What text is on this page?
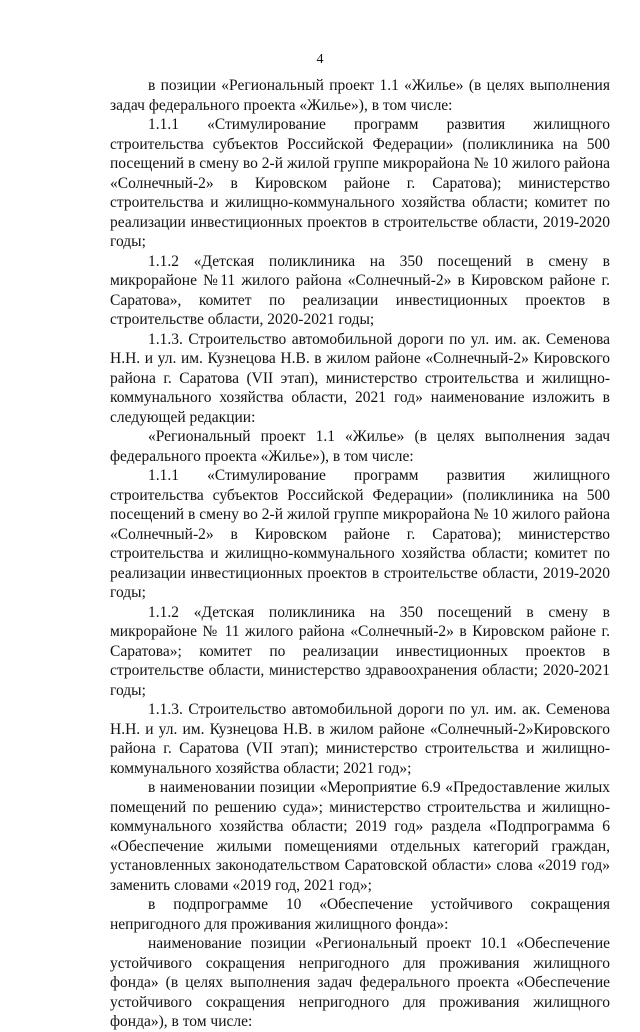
4

в позиции «Региональный проект 1.1 «Жилье» (в целях выполнения задач федерального проекта «Жилье»), в том числе:

1.1.1 «Стимулирование программ развития жилищного строительства субъектов Российской Федерации» (поликлиника на 500 посещений в смену во 2-й жилой группе микрорайона № 10 жилого района «Солнечный-2» в Кировском районе г. Саратова); министерство строительства и жилищно-коммунального хозяйства области; комитет по реализации инвестиционных проектов в строительстве области, 2019-2020 годы;

1.1.2 «Детская поликлиника на 350 посещений в смену в микрорайоне №11 жилого района «Солнечный-2» в Кировском районе г. Саратова», комитет по реализации инвестиционных проектов в строительстве области, 2020-2021 годы;

1.1.3. Строительство автомобильной дороги по ул. им. ак. Семенова Н.Н. и ул. им. Кузнецова Н.В. в жилом районе «Солнечный-2» Кировского района г. Саратова (VII этап), министерство строительства и жилищно-коммунального хозяйства области, 2021 год» наименование изложить в следующей редакции:

«Региональный проект 1.1 «Жилье» (в целях выполнения задач федерального проекта «Жилье»), в том числе:

1.1.1 «Стимулирование программ развития жилищного строительства субъектов Российской Федерации» (поликлиника на 500 посещений в смену во 2-й жилой группе микрорайона № 10 жилого района «Солнечный-2» в Кировском районе г. Саратова); министерство строительства и жилищно-коммунального хозяйства области; комитет по реализации инвестиционных проектов в строительстве области, 2019-2020 годы;

1.1.2 «Детская поликлиника на 350 посещений в смену в микрорайоне № 11 жилого района «Солнечный-2» в Кировском районе г. Саратова»; комитет по реализации инвестиционных проектов в строительстве области, министерство здравоохранения области; 2020-2021 годы;

1.1.3. Строительство автомобильной дороги по ул. им. ак. Семенова Н.Н. и ул. им. Кузнецова Н.В. в жилом районе «Солнечный-2»Кировского района г. Саратова (VII этап); министерство строительства и жилищно-коммунального хозяйства области; 2021 год»;

в наименовании позиции «Мероприятие 6.9 «Предоставление жилых помещений по решению суда»; министерство строительства и жилищно-коммунального хозяйства области; 2019 год» раздела «Подпрограмма 6 «Обеспечение жилыми помещениями отдельных категорий граждан, установленных законодательством Саратовской области» слова «2019 год» заменить словами «2019 год, 2021 год»;

в подпрограмме 10 «Обеспечение устойчивого сокращения непригодного для проживания жилищного фонда»:

наименование позиции «Региональный проект 10.1 «Обеспечение устойчивого сокращения непригодного для проживания жилищного фонда» (в целях выполнения задач федерального проекта «Обеспечение устойчивого сокращения непригодного для проживания жилищного фонда»), в том числе:
